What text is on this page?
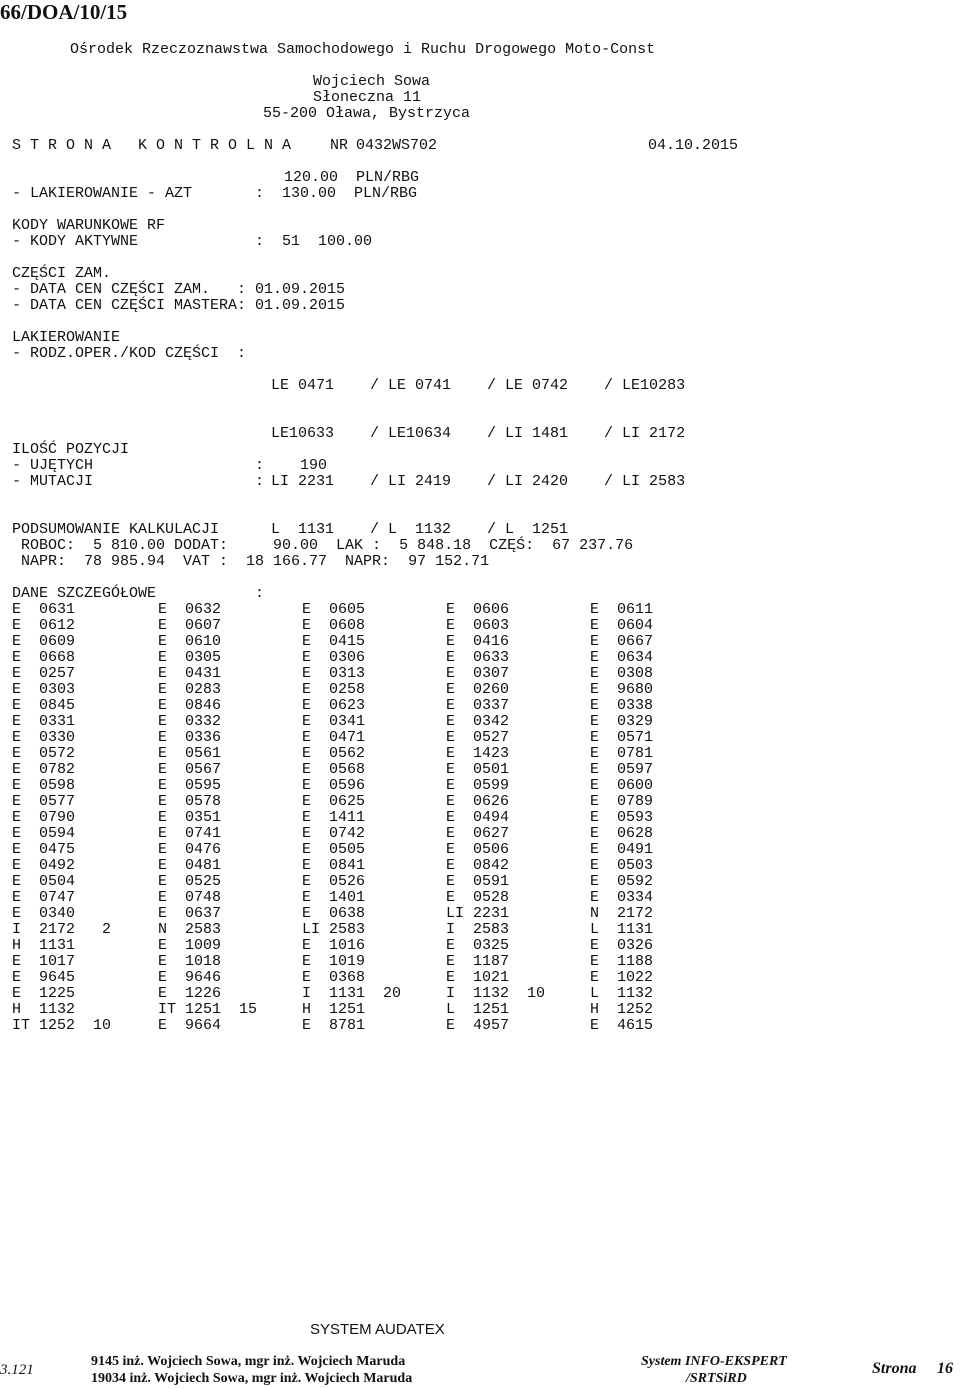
66/DOA/10/15
Ośrodek Rzeczoznawstwa Samochodowego i Ruchu Drogowego Moto-Const
Wojciech Sowa
Słoneczna 11
55-200 Oława, Bystrzyca
S T R O N A   K O N T R O L N A	NR 0432WS702	04.10.2015
120.00  PLN/RBG
- LAKIEROWANIE - AZT	:  130.00  PLN/RBG
KODY WARUNKOWE RF
- KODY AKTYWNE	:  51  100.00
CZĘŚCI ZAM.
- DATA CEN CZĘŚCI ZAM.   : 01.09.2015
- DATA CEN CZĘŚCI MASTERA: 01.09.2015
LAKIEROWANIE
- RODZ.OPER./KOD CZĘŚCI  :

LE 0471    / LE 0741    / LE 0742    / LE10283

LE10633    / LE10634    / LI 1481    / LI 2172

LI 2231    / LI 2419    / LI 2420    / LI 2583

L  1131    / L  1132    / L  1251

ILOŚĆ POZYCJI
- UJĘTYCH	:    190
- MUTACJI	:
PODSUMOWANIE KALKULACJI
ROBOC:  5 810.00 DODAT:     90.00  LAK :  5 848.18  CZĘŚ:  67 237.76
NAPR:  78 985.94  VAT :  18 166.77  NAPR:  97 152.71
DANE SZCZEGÓŁOWE	:
E  0631	E  0632	E  0605	E  0606	E  0611
E  0612	E  0607	E  0608	E  0603	E  0604
E  0609	E  0610	E  0415	E  0416	E  0667
E  0668	E  0305	E  0306	E  0633	E  0634
E  0257	E  0431	E  0313	E  0307	E  0308
E  0303	E  0283	E  0258	E  0260	E  9680
E  0845	E  0846	E  0623	E  0337	E  0338
E  0331	E  0332	E  0341	E  0342	E  0329
E  0330	E  0336	E  0471	E  0527	E  0571
E  0572	E  0561	E  0562	E  1423	E  0781
E  0782	E  0567	E  0568	E  0501	E  0597
E  0598	E  0595	E  0596	E  0599	E  0600
E  0577	E  0578	E  0625	E  0626	E  0789
E  0790	E  0351	E  1411	E  0494	E  0593
E  0594	E  0741	E  0742	E  0627	E  0628
E  0475	E  0476	E  0505	E  0506	E  0491
E  0492	E  0481	E  0841	E  0842	E  0503
E  0504	E  0525	E  0526	E  0591	E  0592
E  0747	E  0748	E  1401	E  0528	E  0334
E  0340	E  0637	E  0638	LI 2231	N  2172
I  2172   2	N  2583	LI 2583	I  2583	L  1131
H  1131	E  1009	E  1016	E  0325	E  0326
E  1017	E  1018	E  1019	E  1187	E  1188
E  9645	E  9646	E  0368	E  1021	E  1022
E  1225	E  1226	I  1131  20	I  1132  10	L  1132
H  1132	IT 1251  15	H  1251	L  1251	H  1252
IT 1252  10	E  9664	E  8781	E  4957	E  4615
SYSTEM AUDATEX
3.121
9145 inż. Wojciech Sowa, mgr inż. Wojciech Maruda
19034 inż. Wojciech Sowa, mgr inż. Wojciech Maruda
System INFO-EKSPERT
/SRTSiRD
Strona 16
